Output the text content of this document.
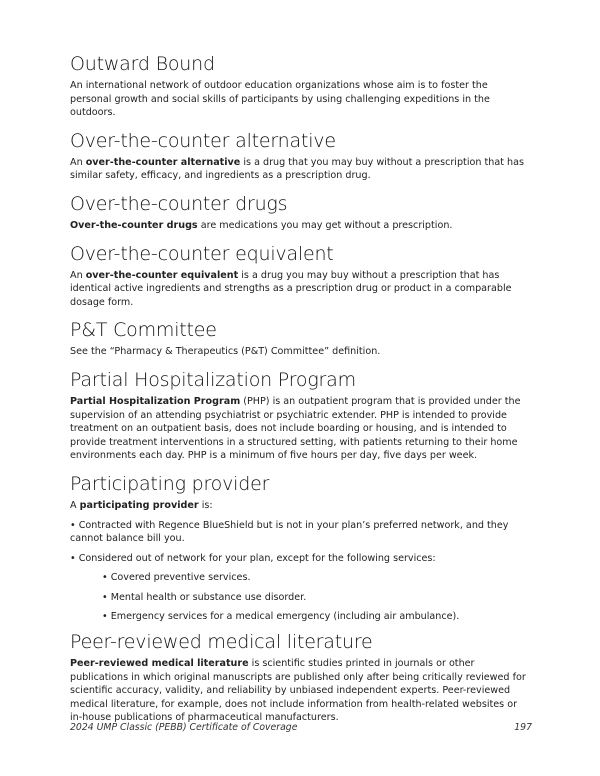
Outward Bound

An international network of outdoor education organizations whose aim is to foster the personal growth and social skills of participants by using challenging expeditions in the outdoors.

Over-the-counter alternative

An over-the-counter alternative is a drug that you may buy without a prescription that has similar safety, efficacy, and ingredients as a prescription drug.

Over-the-counter drugs

Over-the-counter drugs are medications you may get without a prescription.

Over-the-counter equivalent

An over-the-counter equivalent is a drug you may buy without a prescription that has identical active ingredients and strengths as a prescription drug or product in a comparable dosage form.

P&T Committee

See the “Pharmacy & Therapeutics (P&T) Committee” definition.

Partial Hospitalization Program

Partial Hospitalization Program (PHP) is an outpatient program that is provided under the supervision of an attending psychiatrist or psychiatric extender. PHP is intended to provide treatment on an outpatient basis, does not include boarding or housing, and is intended to provide treatment interventions in a structured setting, with patients returning to their home environments each day. PHP is a minimum of five hours per day, five days per week.

Participating provider

A participating provider is:

• Contracted with Regence BlueShield but is not in your plan’s preferred network, and they cannot balance bill you.

• Considered out of network for your plan, except for the following services:

• Covered preventive services.
• Mental health or substance use disorder.
• Emergency services for a medical emergency (including air ambulance).
Peer-reviewed medical literature

Peer-reviewed medical literature is scientific studies printed in journals or other publications in which original manuscripts are published only after being critically reviewed for scientific accuracy, validity, and reliability by unbiased independent experts. Peer-reviewed medical literature, for example, does not include information from health-related websites or in-house publications of pharmaceutical manufacturers.

2024 UMP Classic (PEBB) Certificate of Coverage	197
